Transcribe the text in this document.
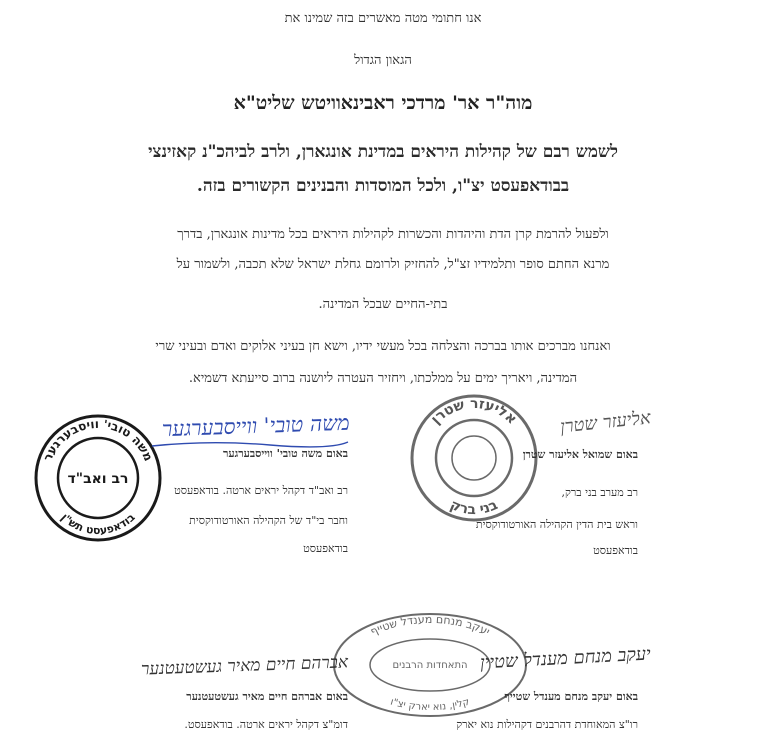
אנו חתומי מטה מאשרים בזה שמינו את
הגאון הגדול
מוה"ר אר' מרדכי ראבינאוויטש שליט"א
לשמש רבם של קהילות היראים במדינת אונגארן, ולרב לביהכ"נ קאזינצי
בבודאפעסט יצ"ו, ולכל המוסדות והבנינים הקשורים בזה.
ולפעול להרמת קרן הדת והיהדות והכשרות לקהילות היראים בכל מדינות אונגארן, בדרך
מרנא החתם סופר ותלמידיו זצ"ל, להחזיק ולרומם גחלת ישראל שלא תכבה, ולשמור על
בתי-החיים שבכל המדינה.
ואנחנו מברכים אותו בברכה והצלחה בכל מעשי ידיו, וישא חן בעיני אלוקים ואדם ובעיני שרי
המדינה, ויאריך ימים על ממלכתו, ויחזיר העטרה ליושנה ברוב סייעתא דשמיא.
משה טובי' וויסבערגער
בודאפעסט תש"ן
רב ואב"ד
משה טובי' ווייסבערגער
באום משה טובי' ווייסבערגער
רב ואב"ד דקהל יראים ארטה. בודאפעסט
וחבר בי"ד של הקהילה האורטודוקסית
בודאפעסט
אליעזר שטרן
בני ברק
אליעזר שטרן
באום שמואל אליעזר שטרן
רב מערב בני ברק,
וראש בית הדין הקהילה האורטודוקסית
בודאפעסט
יעקב מנחם מענדל שטייף
התאחדות הרבנים
קלין, נוא יארק יצ"ו
יעקב מנחם מענדל שטיין
באום יעקב מנחם מענדל שטייף
רו"צ המאוחדת דהרבנים דקהילות נוא יארק
אברהם חיים מאיר געשטעטנער
באום אברהם חיים מאיר געשטעטנער
דומ"צ דקהל יראים ארטה. בודאפעסט.
